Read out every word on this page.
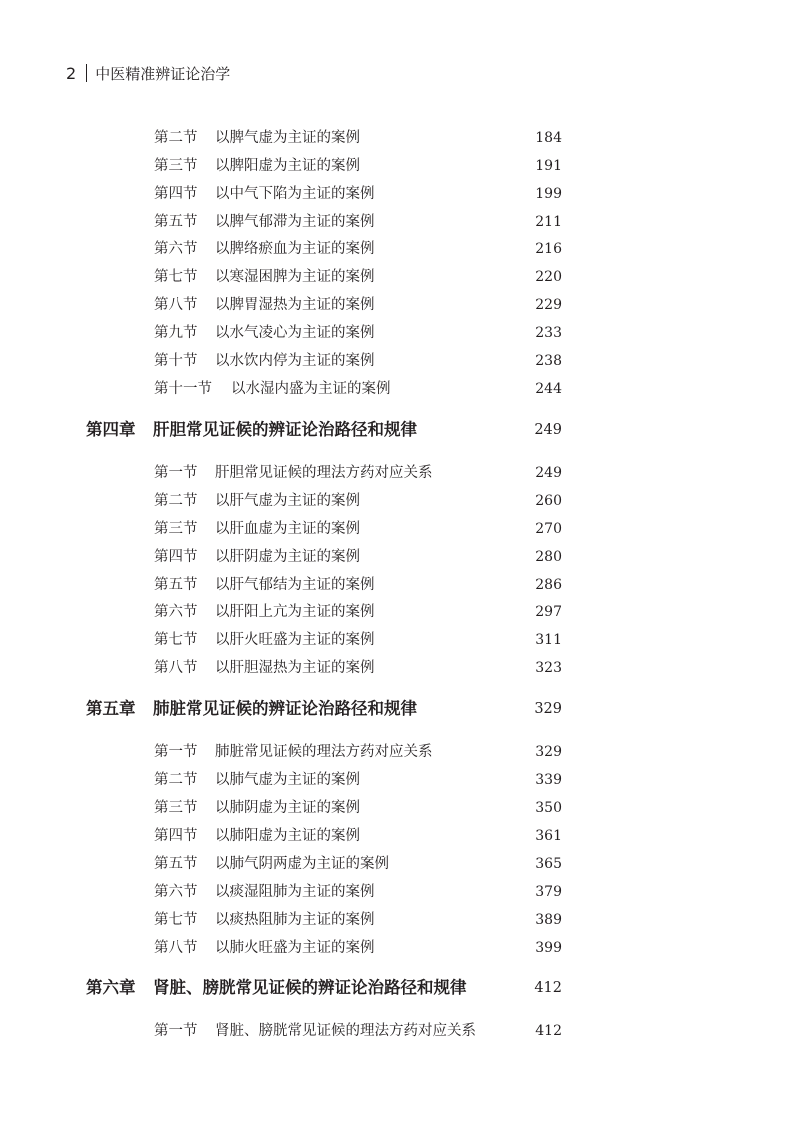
2 中医精准辨证论治学
第二节 以脾气虚为主证的案例	184
第三节 以脾阳虚为主证的案例	191
第四节 以中气下陷为主证的案例	199
第五节 以脾气郁滞为主证的案例	211
第六节 以脾络瘀血为主证的案例	216
第七节 以寒湿困脾为主证的案例	220
第八节 以脾胃湿热为主证的案例	229
第九节 以水气凌心为主证的案例	233
第十节 以水饮内停为主证的案例	238
第十一节 以水湿内盛为主证的案例	244
第四章 肝胆常见证候的辨证论治路径和规律	249
第一节 肝胆常见证候的理法方药对应关系	249
第二节 以肝气虚为主证的案例	260
第三节 以肝血虚为主证的案例	270
第四节 以肝阴虚为主证的案例	280
第五节 以肝气郁结为主证的案例	286
第六节 以肝阳上亢为主证的案例	297
第七节 以肝火旺盛为主证的案例	311
第八节 以肝胆湿热为主证的案例	323
第五章 肺脏常见证候的辨证论治路径和规律	329
第一节 肺脏常见证候的理法方药对应关系	329
第二节 以肺气虚为主证的案例	339
第三节 以肺阴虚为主证的案例	350
第四节 以肺阳虚为主证的案例	361
第五节 以肺气阴两虚为主证的案例	365
第六节 以痰湿阻肺为主证的案例	379
第七节 以痰热阻肺为主证的案例	389
第八节 以肺火旺盛为主证的案例	399
第六章 肾脏、膀胱常见证候的辨证论治路径和规律	412
第一节 肾脏、膀胱常见证候的理法方药对应关系	412
